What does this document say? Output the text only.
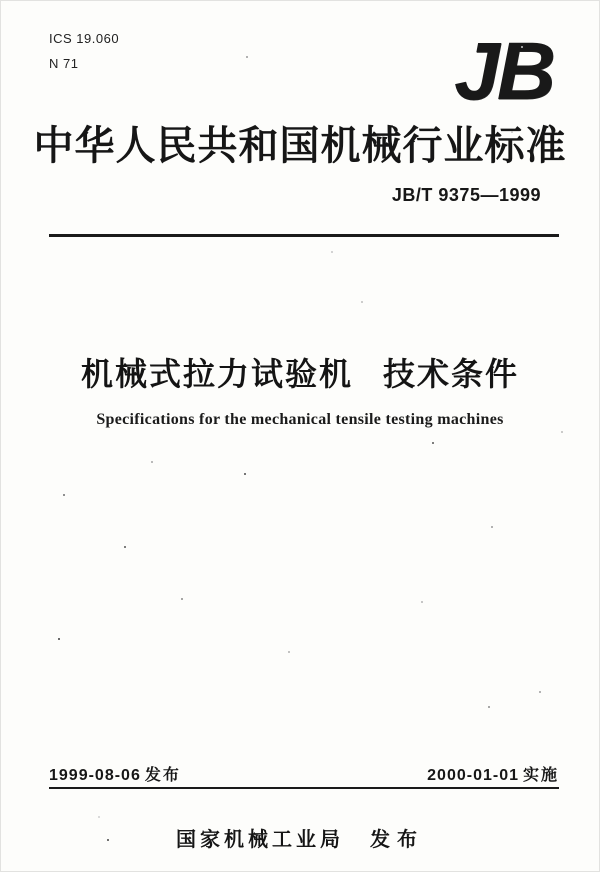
ICS 19.060
N 71	JB
中华人民共和国机械行业标准
JB/T 9375—1999
机械式拉力试验机 技术条件
Specifications for the mechanical tensile testing machines
1999-08-06 发布	2000-01-01 实施
国家机械工业局 发布
